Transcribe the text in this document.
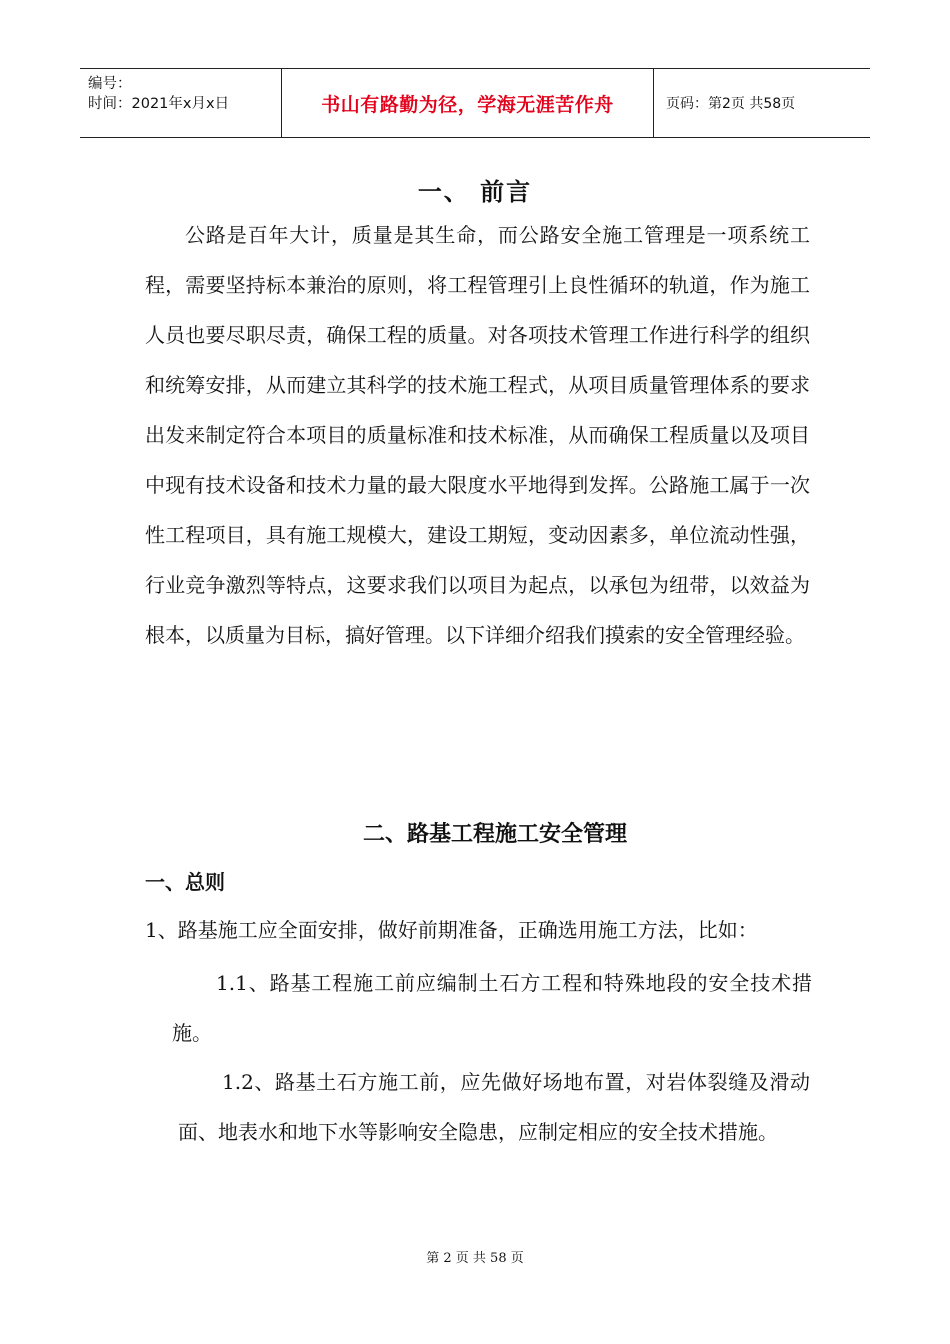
编号：
时间：2021年x月x日	书山有路勤为径，学海无涯苦作舟	页码：第2页 共58页
一、 前言

公路是百年大计，质量是其生命，而公路安全施工管理是一项系统工程，需要坚持标本兼治的原则，将工程管理引上良性循环的轨道，作为施工人员也要尽职尽责，确保工程的质量。对各项技术管理工作进行科学的组织和统筹安排，从而建立其科学的技术施工程式，从项目质量管理体系的要求出发来制定符合本项目的质量标准和技术标准，从而确保工程质量以及项目中现有技术设备和技术力量的最大限度水平地得到发挥。公路施工属于一次性工程项目，具有施工规模大，建设工期短，变动因素多，单位流动性强，行业竞争激烈等特点，这要求我们以项目为起点，以承包为纽带，以效益为根本，以质量为目标，搞好管理。以下详细介绍我们摸索的安全管理经验。

二、路基工程施工安全管理
一、总则
1、路基施工应全面安排，做好前期准备，正确选用施工方法，比如：

1.1、路基工程施工前应编制土石方工程和特殊地段的安全技术措施。

1.2、路基土石方施工前，应先做好场地布置，对岩体裂缝及滑动面、地表水和地下水等影响安全隐患，应制定相应的安全技术措施。

第 2 页 共 58 页
